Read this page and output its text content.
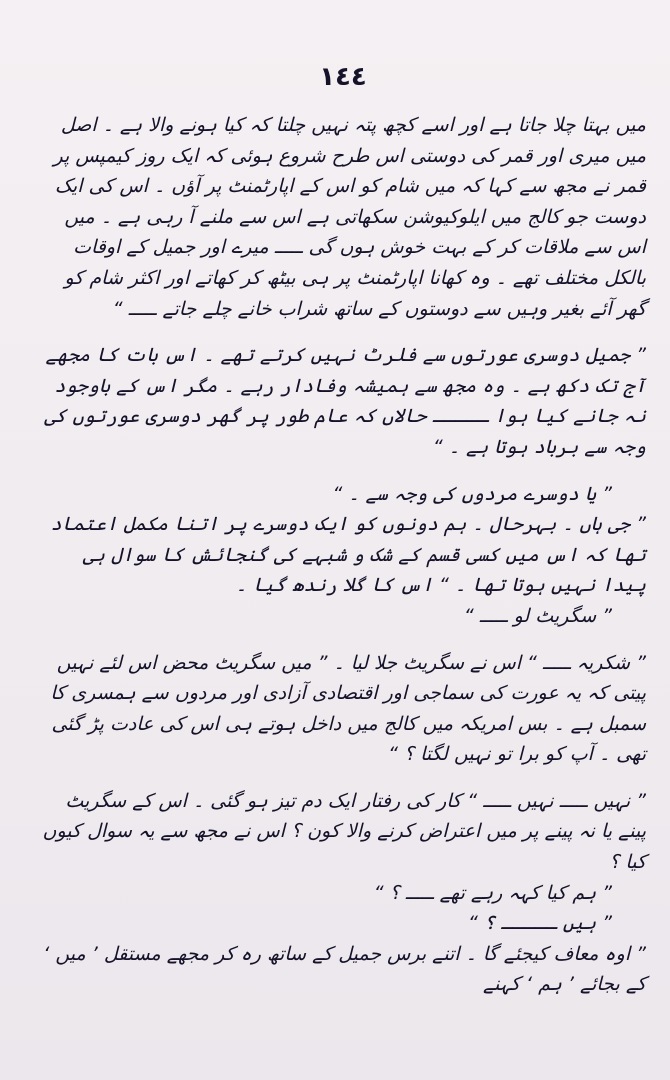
١٤٤

میں بہتا چلا جاتا ہے اور اسے کچھ پتہ نہیں چلتا کہ کیا ہونے والا ہے ۔ اصل میں میری اور قمر کی دوستی اس طرح شروع ہوئی کہ ایک روز کیمپس پر قمر نے مجھ سے کہا کہ میں شام کو اس کے اپارٹمنٹ پر آؤں ۔ اس کی ایک دوست جو کالج میں ایلوکیوشن سکھاتی ہے اس سے ملنے آ رہی ہے ۔ میں اس سے ملاقات کر کے بہت خوش ہوں گی ـــــ میرے اور جمیل کے اوقات بالکل مختلف تھے ۔ وہ کھانا اپارٹمنٹ پر ہی بیٹھ کر کھاتے اور اکثر شام کو گھر آئے بغیر وہیں سے دوستوں کے ساتھ شراب خانے چلے جاتے ـــــ “

” جمیل دوسری عورتوں سے فلرٹ نہیں کرتے تھے ۔ اس بات کا مجھے آج تک دکھ ہے ۔ وہ مجھ سے ہمیشہ وفادار رہے ۔ مگر اس کے باوجود نہ جانے کیا ہوا ـــــ حالاں کہ عام طور پر گھر دوسری عورتوں کی وجہ سے برباد ہوتا ہے ۔ “

” یا دوسرے مردوں کی وجہ سے ۔ “

” جی ہاں ۔ بہرحال ۔ ہم دونوں کو ایک دوسرے پر اتنا مکمل اعتماد تھا کہ اس میں کسی قسم کے شک و شبہے کی گنجائش کا سوال ہی پیدا نہیں ہوتا تھا ۔ “ اس کا گلا رندھ گیا ۔

” سگریٹ لو ـــــ “

” شکریہ ـــــ “ اس نے سگریٹ جلا لیا ۔ ” میں سگریٹ محض اس لئے نہیں پیتی کہ یہ عورت کی سماجی اور اقتصادی آزادی اور مردوں سے ہمسری کا سمبل ہے ۔ بس امریکہ میں کالج میں داخل ہوتے ہی اس کی عادت پڑ گئی تھی ۔ آپ کو برا تو نہیں لگتا ؟ “

” نہیں ـــــ نہیں ـــــ “ کار کی رفتار ایک دم تیز ہو گئی ۔ اس کے سگریٹ پینے یا نہ پینے پر میں اعتراض کرنے والا کون ؟ اس نے مجھ سے یہ سوال کیوں کیا ؟

” ہم کیا کہہ رہے تھے ـــــ ؟ “

” ہیں ـــــ ؟ “

” اوہ معاف کیجئے گا ۔ اتنے برس جمیل کے ساتھ رہ کر مجھے مستقل ’ میں ‘ کے بجائے ’ ہم ‘ کہنے
